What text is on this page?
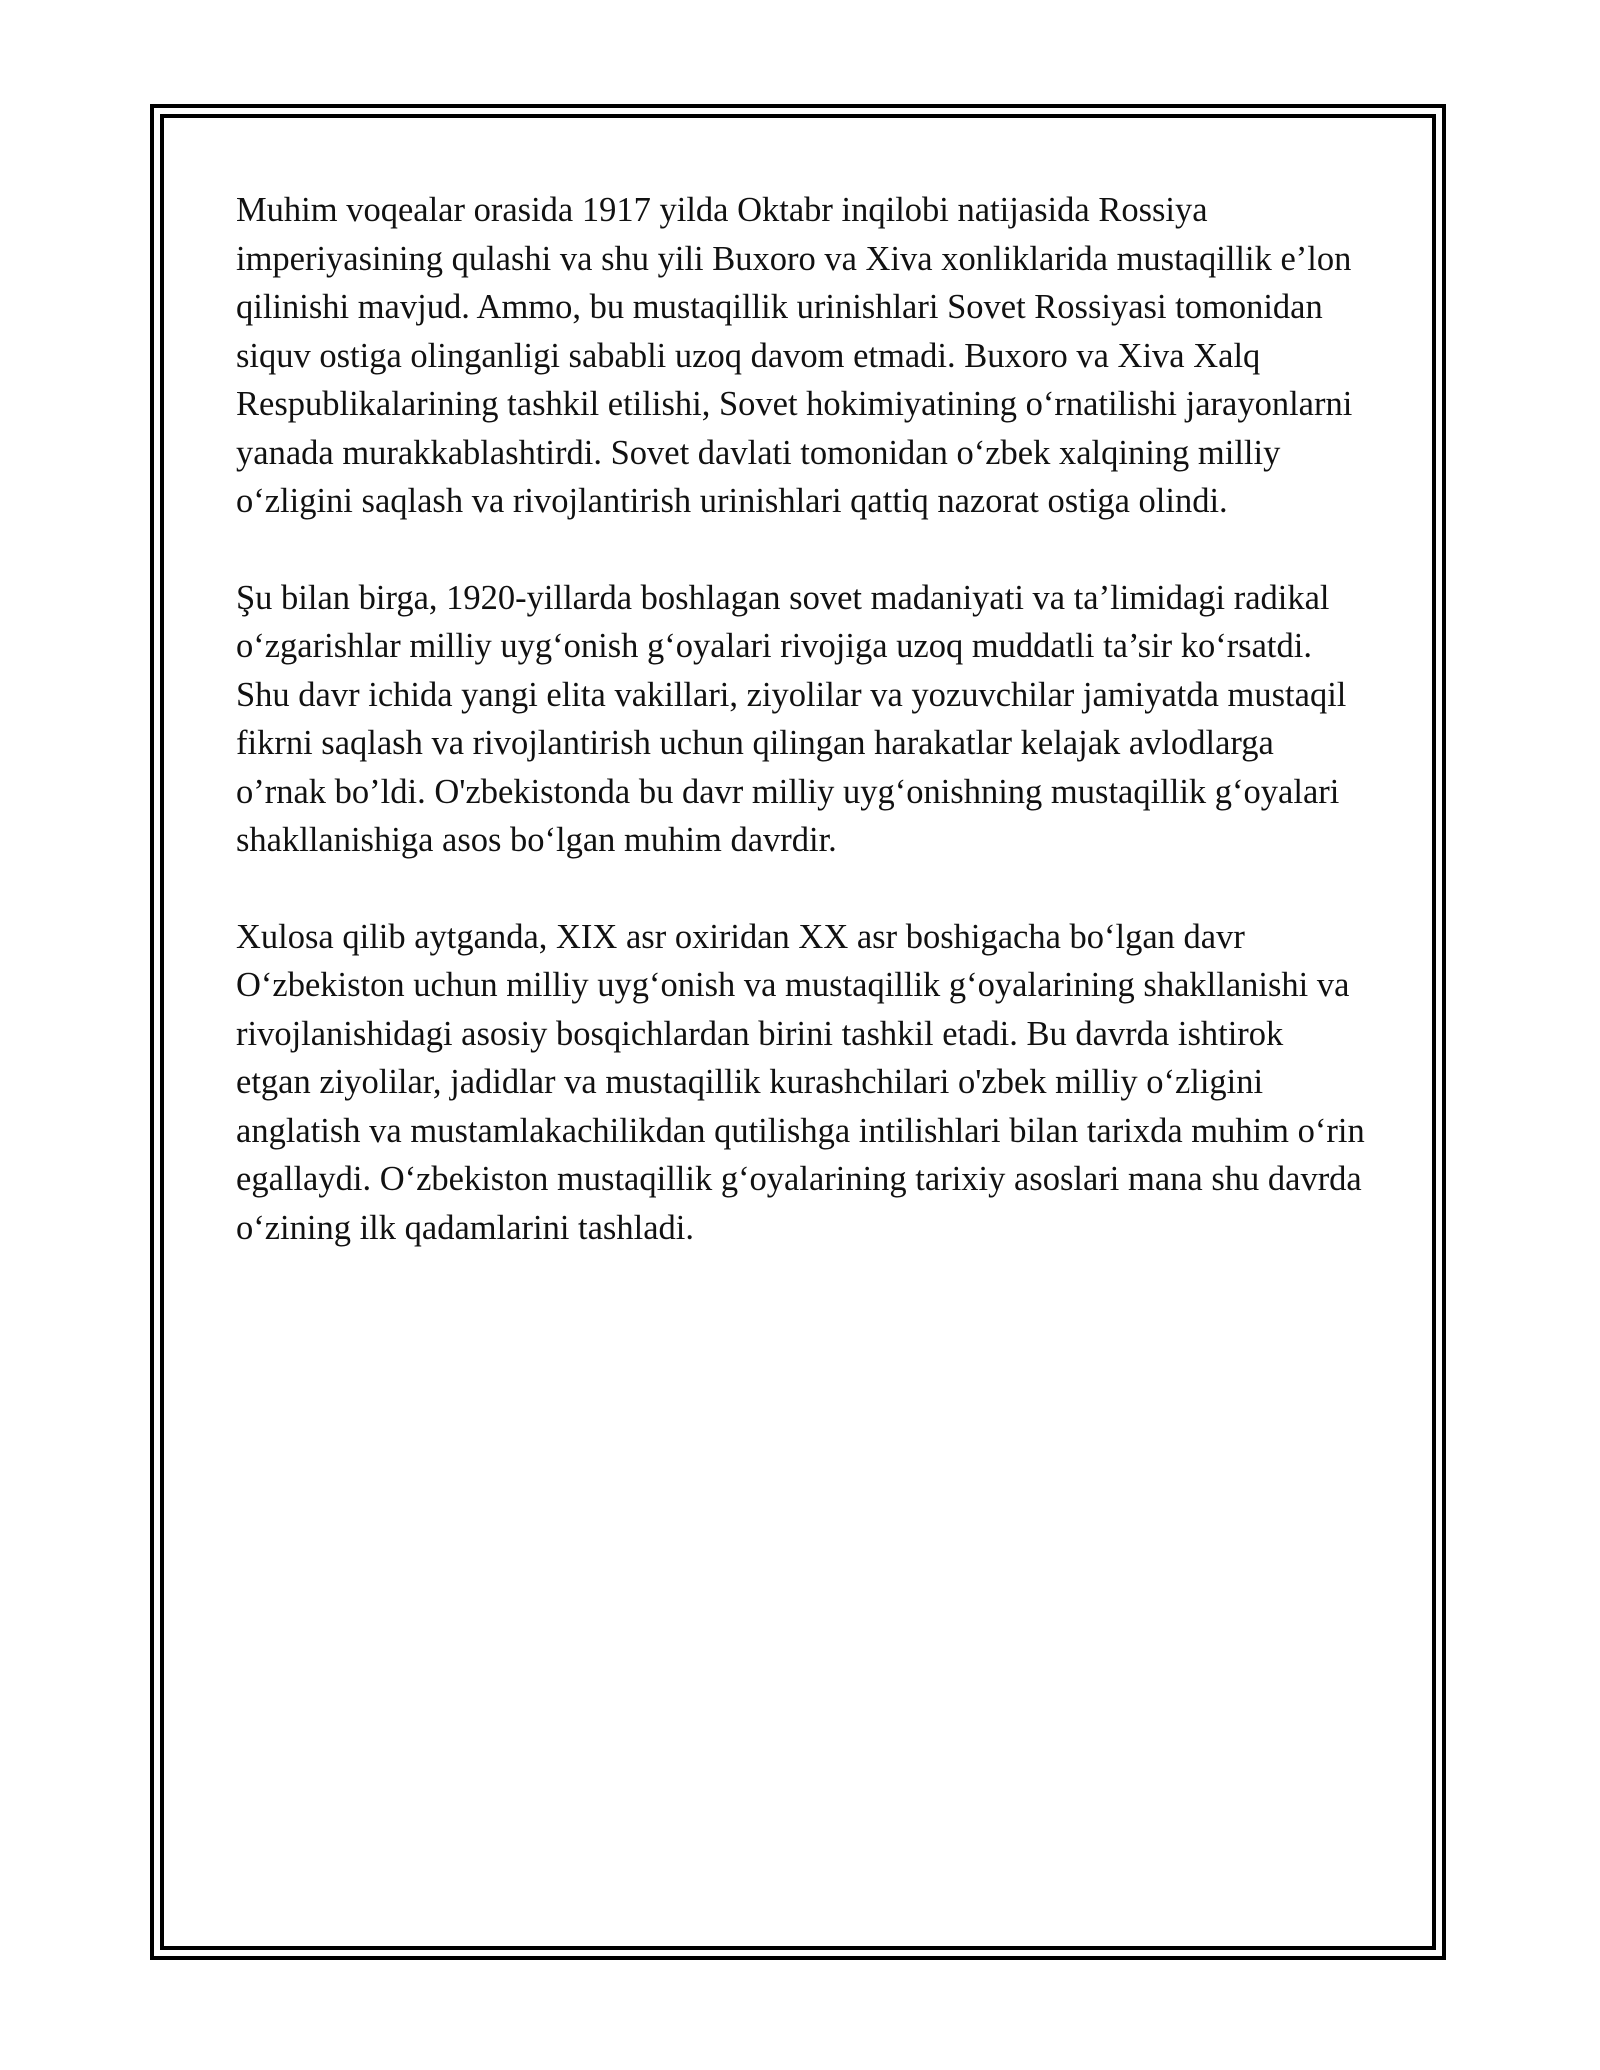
Muhim voqealar orasida 1917 yilda Oktabr inqilobi natijasida Rossiya imperiyasining qulashi va shu yili Buxoro va Xiva xonliklarida mustaqillik e’lon qilinishi mavjud. Ammo, bu mustaqillik urinishlari Sovet Rossiyasi tomonidan siquv ostiga olinganligi sababli uzoq davom etmadi. Buxoro va Xiva Xalq Respublikalarining tashkil etilishi, Sovet hokimiyatining o‘rnatilishi jarayonlarni yanada murakkablashtirdi. Sovet davlati tomonidan o‘zbek xalqining milliy o‘zligini saqlash va rivojlantirish urinishlari qattiq nazorat ostiga olindi.

Şu bilan birga, 1920-yillarda boshlagan sovet madaniyati va ta’limidagi radikal o‘zgarishlar milliy uyg‘onish g‘oyalari rivojiga uzoq muddatli ta’sir ko‘rsatdi. Shu davr ichida yangi elita vakillari, ziyolilar va yozuvchilar jamiyatda mustaqil fikrni saqlash va rivojlantirish uchun qilingan harakatlar kelajak avlodlarga o’rnak bo’ldi. O'zbekistonda bu davr milliy uyg‘onishning mustaqillik g‘oyalari shakllanishiga asos bo‘lgan muhim davrdir.

Xulosa qilib aytganda, XIX asr oxiridan XX asr boshigacha bo‘lgan davr O‘zbekiston uchun milliy uyg‘onish va mustaqillik g‘oyalarining shakllanishi va rivojlanishidagi asosiy bosqichlardan birini tashkil etadi. Bu davrda ishtirok etgan ziyolilar, jadidlar va mustaqillik kurashchilari o'zbek milliy o‘zligini anglatish va mustamlakachilikdan qutilishga intilishlari bilan tarixda muhim o‘rin egallaydi. O‘zbekiston mustaqillik g‘oyalarining tarixiy asoslari mana shu davrda o‘zining ilk qadamlarini tashladi.
